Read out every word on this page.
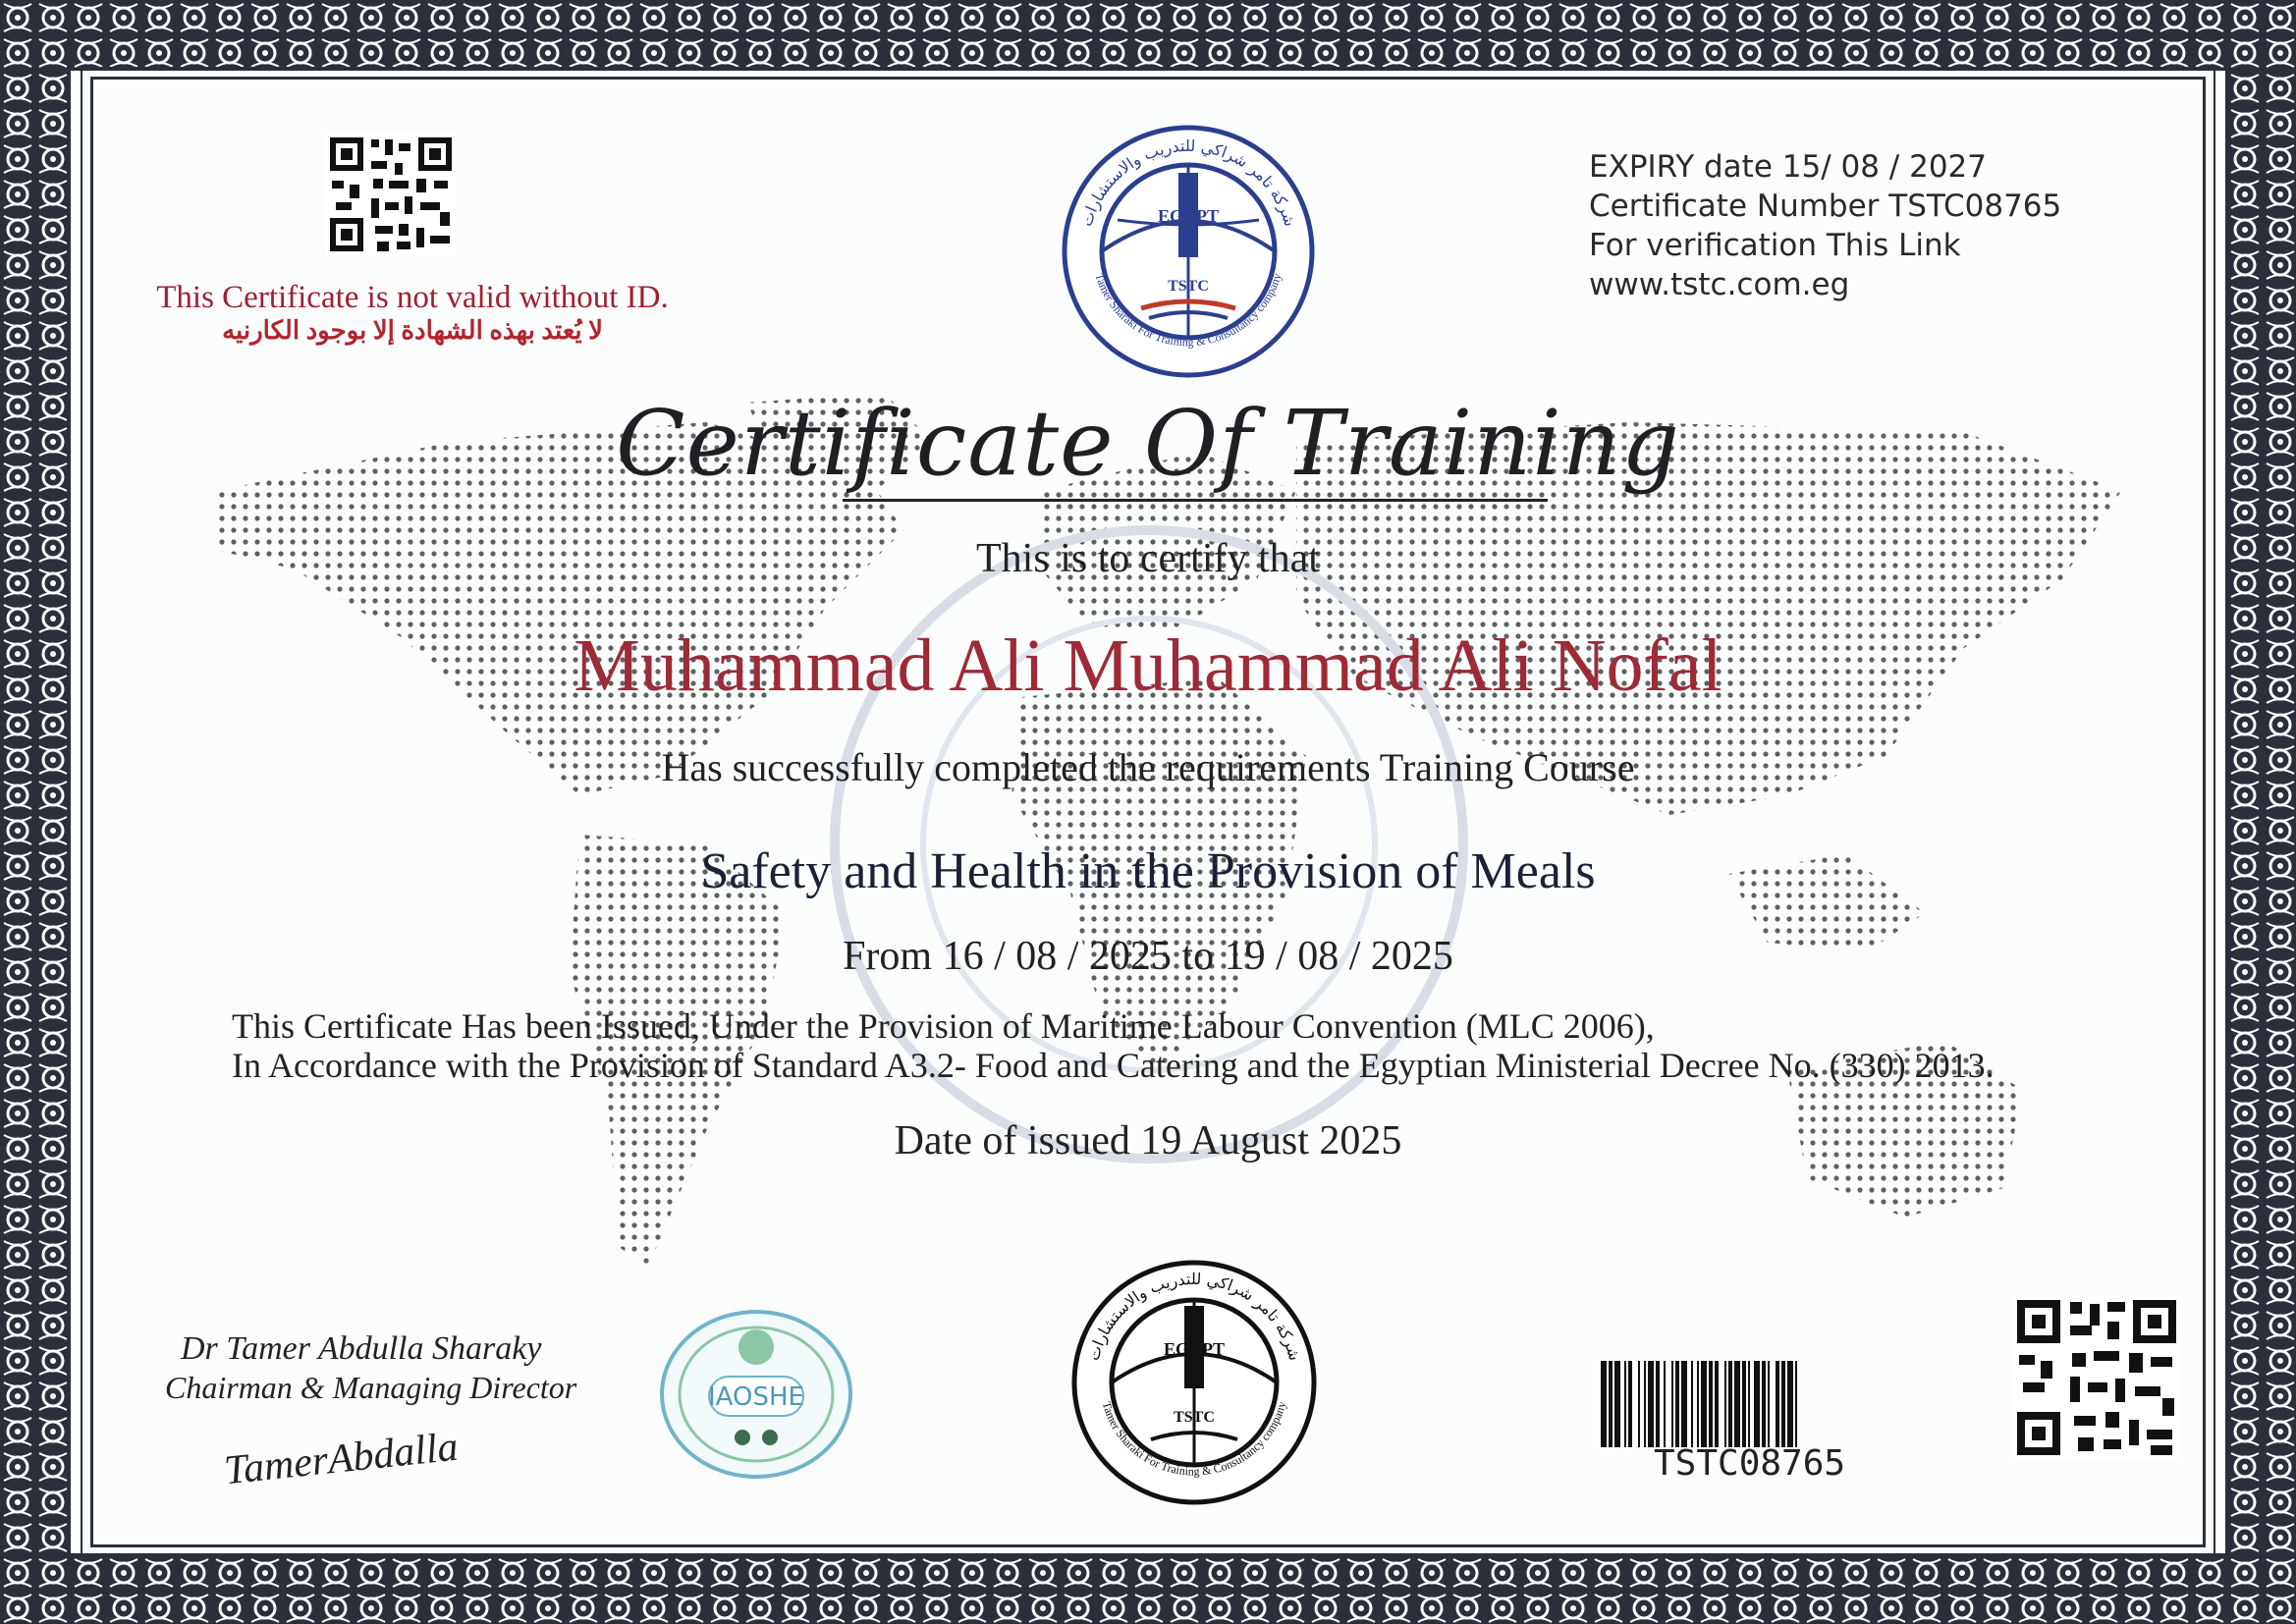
This Certificate is not valid without ID.
لا يُعتد بهذه الشهادة إلا بوجود الكارنيه
EGYPT
TSTC
شركة تامر شراكي للتدريب والاستشارات
Tamer Sharaki For Training & Consultancy company
EXPIRY date 15/ 08 / 2027
Certificate Number TSTC08765
For verification This Link
www.tstc.com.eg
Certificate Of Training
This is to certify that
Muhammad Ali Muhammad Ali Nofal
Has successfully completed the requirements Training Course
Safety and Health in the Provision of Meals
From 16 / 08 / 2025 to 19 / 08 / 2025
This Certificate Has been Issued, Under the Provision of Maritime Labour Convention (MLC 2006),
In Accordance with the Provision of Standard A3.2- Food and Catering and the Egyptian Ministerial Decree No. (330) 2013.
Date of issued 19 August 2025
Dr Tamer Abdulla Sharaky
Chairman & Managing Director
TamerAbdalla
IAOSHE
EGYPT
TSTC
شركة تامر شراكي للتدريب والاستشارات
Tamer Sharaki For Training & Consultancy company
TSTC08765
